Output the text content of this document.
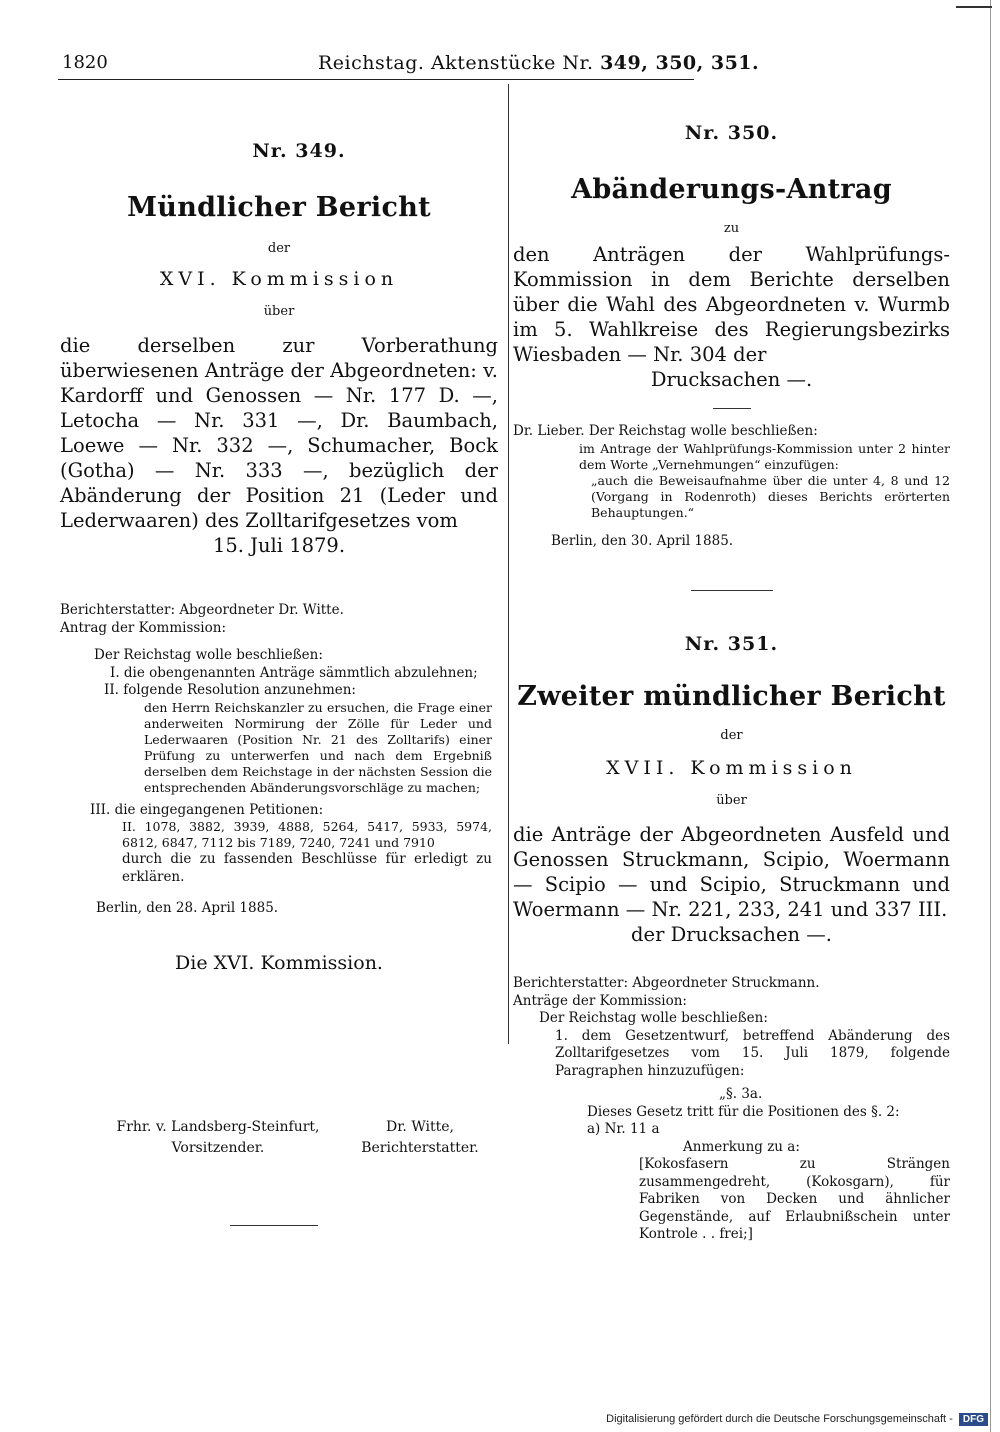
1820	Reichstag. Aktenstücke Nr. 349, 350, 351.
Nr. 349.
Mündlicher Bericht
der
XVI. Kommission
über
die derselben zur Vorberathung überwiesenen Anträge der Abgeordneten: v. Kardorff und Genossen — Nr. 177 D. —, Letocha — Nr. 331 —, Dr. Baumbach, Loewe — Nr. 332 —, Schumacher, Bock (Gotha) — Nr. 333 —, bezüglich der Abänderung der Position 21 (Leder und Lederwaaren) des Zolltarifgesetzes vom
15. Juli 1879.
Berichterstatter: Abgeordneter Dr. Witte.
Antrag der Kommission:
Der Reichstag wolle beschließen:
I. die obengenannten Anträge sämmtlich abzulehnen;
II. folgende Resolution anzunehmen:
den Herrn Reichskanzler zu ersuchen, die Frage einer anderweiten Normirung der Zölle für Leder und Lederwaaren (Position Nr. 21 des Zolltarifs) einer Prüfung zu unterwerfen und nach dem Ergebniß derselben dem Reichstage in der nächsten Session die entsprechenden Abänderungsvorschläge zu machen;
III. die eingegangenen Petitionen:
II. 1078, 3882, 3939, 4888, 5264, 5417, 5933, 5974, 6812, 6847, 7112 bis 7189, 7240, 7241 und 7910
durch die zu fassenden Beschlüsse für erledigt zu erklären.
Berlin, den 28. April 1885.
Die XVI. Kommission.
Frhr. v. Landsberg-Steinfurt,
Vorsitzender.
Dr. Witte,
Berichterstatter.
Nr. 350.
Abänderungs-Antrag
zu
den Anträgen der Wahlprüfungs-Kommission in dem Berichte derselben über die Wahl des Abgeordneten v. Wurmb im 5. Wahlkreise des Regierungsbezirks Wiesbaden — Nr. 304 der
Drucksachen —.
Dr. Lieber. Der Reichstag wolle beschließen:
im Antrage der Wahlprüfungs-Kommission unter 2 hinter dem Worte „Vernehmungen“ einzufügen:
„auch die Beweisaufnahme über die unter 4, 8 und 12 (Vorgang in Rodenroth) dieses Berichts erörterten Behauptungen.“
Berlin, den 30. April 1885.
Nr. 351.
Zweiter mündlicher Bericht
der
XVII. Kommission
über
die Anträge der Abgeordneten Ausfeld und Genossen Struckmann, Scipio, Woermann — Scipio — und Scipio, Struckmann und Woermann — Nr. 221, 233, 241 und 337 III.
der Drucksachen —.
Berichterstatter: Abgeordneter Struckmann.
Anträge der Kommission:
Der Reichstag wolle beschließen:
1. dem Gesetzentwurf, betreffend Abänderung des Zolltarifgesetzes vom 15. Juli 1879, folgende Paragraphen hinzuzufügen:
„§. 3a.
Dieses Gesetz tritt für die Positionen des §. 2:
a) Nr. 11 a
Anmerkung zu a:
[Kokosfasern zu Strängen zusammengedreht, (Kokosgarn), für Fabriken von Decken und ähnlicher Gegenstände, auf Erlaubnißschein unter Kontrole . . frei;]
Digitalisierung gefördert durch die Deutsche Forschungsgemeinschaft - DFG
